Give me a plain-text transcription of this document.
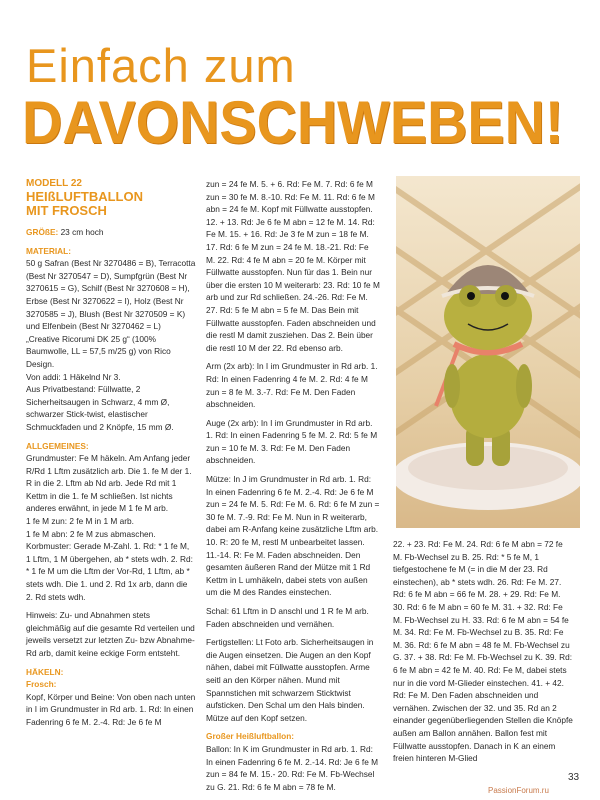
Einfach zum
DAVONSCHWEBEN!
MODELL 22
HEIßLUFTBALLON
MIT FROSCH
GRÖßE: 23 cm hoch
MATERIAL:
50 g Safran (Best Nr 3270486 = B), Terracotta (Best Nr 3270547 = D), Sumpfgrün (Best Nr 3270615 = G), Schilf (Best Nr 3270608 = H), Erbse (Best Nr 3270622 = I), Holz (Best Nr 3270585 = J), Blush (Best Nr 3270509 = K) und Elfenbein (Best Nr 3270462 = L) „Creative Ricorumi DK 25 g“ (100% Baumwolle, LL = 57,5 m/25 g) von Rico Design.
Von addi: 1 Häkelnd Nr 3.
Aus Privatbestand: Füllwatte, 2 Sicherheitsaugen in Schwarz, 4 mm Ø, schwarzer Stick-twist, elastischer Schmuckfaden und 2 Knöpfe, 15 mm Ø.
ALLGEMEINES:
Grundmuster: Fe M häkeln. Am Anfang jeder R/Rd 1 Lftm zusätzlich arb. Die 1. fe M der 1. R in die 2. Lftm ab Nd arb. Jede Rd mit 1 Kettm in die 1. fe M schließen. Ist nichts anderes erwähnt, in jede M 1 fe M arb.
1 fe M zun: 2 fe M in 1 M arb.
1 fe M abn: 2 fe M zus abmaschen.
Korbmuster: Gerade M-Zahl. 1. Rd: * 1 fe M, 1 Lftm, 1 M übergehen, ab * stets wdh. 2. Rd: * 1 fe M um die Lftm der Vor-Rd, 1 Lftm, ab * stets wdh. Die 1. und 2. Rd 1x arb, dann die 2. Rd stets wdh.
Hinweis: Zu- und Abnahmen stets gleichmäßig auf die gesamte Rd verteilen und jeweils versetzt zur letzten Zu- bzw Abnahme-Rd arb, damit keine eckige Form entsteht.
HÄKELN:
Frosch:
Kopf, Körper und Beine: Von oben nach unten in I im Grundmuster in Rd arb. 1. Rd: In einen Fadenring 6 fe M. 2.-4. Rd: Je 6 fe M
zun = 24 fe M. 5. + 6. Rd: Fe M. 7. Rd: 6 fe M zun = 30 fe M. 8.-10. Rd: Fe M. 11. Rd: 6 fe M abn = 24 fe M. Kopf mit Füllwatte ausstopfen. 12. + 13. Rd: Je 6 fe M abn = 12 fe M. 14. Rd: Fe M. 15. + 16. Rd: Je 3 fe M zun = 18 fe M. 17. Rd: 6 fe M zun = 24 fe M. 18.-21. Rd: Fe M. 22. Rd: 4 fe M abn = 20 fe M. Körper mit Füllwatte ausstopfen. Nun für das 1. Bein nur über die ersten 10 M weiterarb: 23. Rd: 10 fe M arb und zur Rd schließen. 24.-26. Rd: Fe M. 27. Rd: 5 fe M abn = 5 fe M. Das Bein mit Füllwatte ausstopfen. Faden abschneiden und die restl M damit zusziehen. Das 2. Bein über die restl 10 M der 22. Rd ebenso arb.
Arm (2x arb): In I im Grundmuster in Rd arb. 1. Rd: In einen Fadenring 4 fe M. 2. Rd: 4 fe M zun = 8 fe M. 3.-7. Rd: Fe M. Den Faden abschneiden.
Auge (2x arb): In I im Grundmuster in Rd arb. 1. Rd: In einen Fadenring 5 fe M. 2. Rd: 5 fe M zun = 10 fe M. 3. Rd: Fe M. Den Faden abschneiden.
Mütze: In J im Grundmuster in Rd arb. 1. Rd: In einen Fadenring 6 fe M. 2.-4. Rd: Je 6 fe M zun = 24 fe M. 5. Rd: Fe M. 6. Rd: 6 fe M zun = 30 fe M. 7.-9. Rd: Fe M. Nun in R weiterarb, dabei am R-Anfang keine zusätzliche Lftm arb. 10. R: 20 fe M, restl M unbearbeitet lassen. 11.-14. R: Fe M. Faden abschneiden. Den gesamten äußeren Rand der Mütze mit 1 Rd Kettm in L umhäkeln, dabei stets von außen um die M des Randes einstechen.
Schal: 61 Lftm in D anschl und 1 R fe M arb. Faden abschneiden und vernähen.
Fertigstellen: Lt Foto arb. Sicherheitsaugen in die Augen einsetzen. Die Augen an den Kopf nähen, dabei mit Füllwatte ausstopfen. Arme seitl an den Körper nähen. Mund mit Spannstichen mit schwarzem Sticktwist aufsticken. Den Schal um den Hals binden. Mütze auf den Kopf setzen.
Großer Heißluftballon:
Ballon: In K im Grundmuster in Rd arb. 1. Rd: In einen Fadenring 6 fe M. 2.-14. Rd: Je 6 fe M zun = 84 fe M. 15.- 20. Rd: Fe M. Fb-Wechsel zu G. 21. Rd: 6 fe M abn = 78 fe M.
22. + 23. Rd: Fe M. 24. Rd: 6 fe M abn = 72 fe M. Fb-Wechsel zu B. 25. Rd: * 5 fe M, 1 tiefgestochene fe M (= in die M der 23. Rd einstechen), ab * stets wdh. 26. Rd: Fe M. 27. Rd: 6 fe M abn = 66 fe M. 28. + 29. Rd: Fe M. 30. Rd: 6 fe M abn = 60 fe M. 31. + 32. Rd: Fe M. Fb-Wechsel zu H. 33. Rd: 6 fe M abn = 54 fe M. 34. Rd: Fe M. Fb-Wechsel zu B. 35. Rd: Fe M. 36. Rd: 6 fe M abn = 48 fe M. Fb-Wechsel zu G. 37. + 38. Rd: Fe M. Fb-Wechsel zu K. 39. Rd: 6 fe M abn = 42 fe M. 40. Rd: Fe M, dabei stets nur in die vord M-Glieder einstechen. 41. + 42. Rd: Fe M. Den Faden abschneiden und vernähen. Zwischen der 32. und 35. Rd an 2 einander gegenüberliegenden Stellen die Knöpfe außen am Ballon annähen. Ballon fest mit Füllwatte ausstopfen. Danach in K an einem freien hinteren M-Glied
33
PassionForum.ru
